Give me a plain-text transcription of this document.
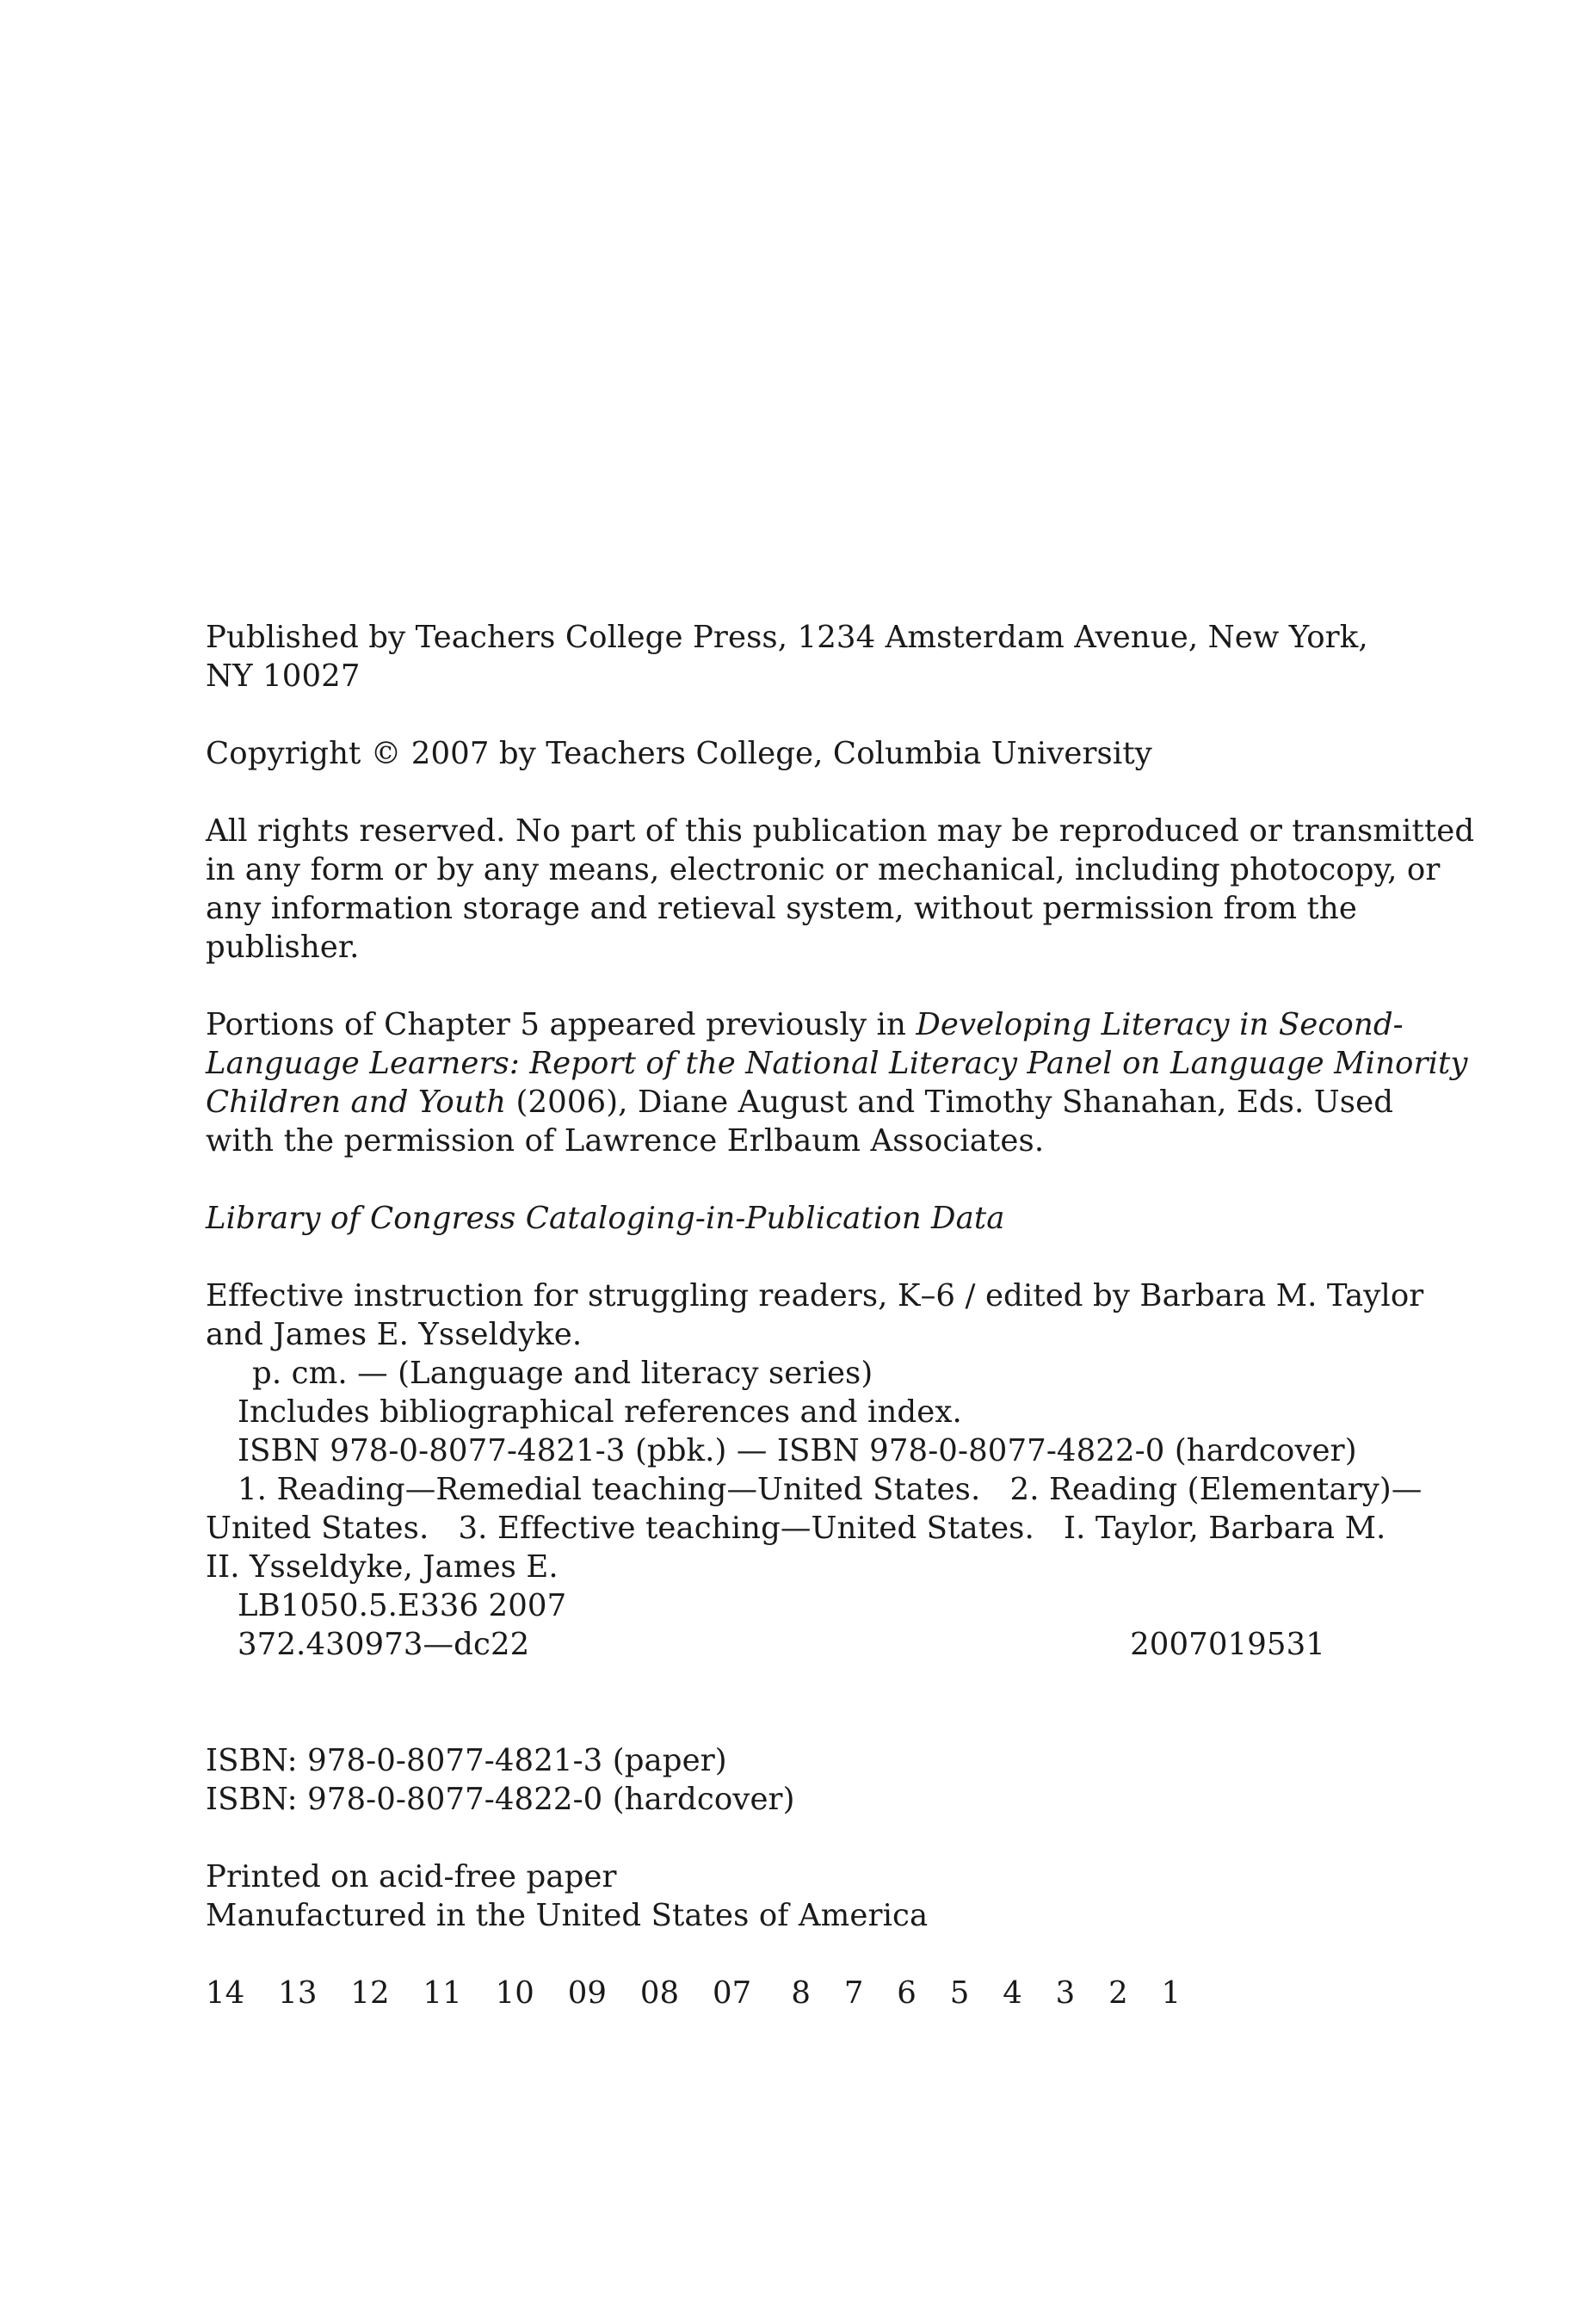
Published by Teachers College Press, 1234 Amsterdam Avenue, New York,

NY 10027

Copyright © 2007 by Teachers College, Columbia University

All rights reserved. No part of this publication may be reproduced or transmitted

in any form or by any means, electronic or mechanical, including photocopy, or

any information storage and retieval system, without permission from the

publisher.

Portions of Chapter 5 appeared previously in Developing Literacy in Second-

Language Learners: Report of the National Literacy Panel on Language Minority

Children and Youth (2006), Diane August and Timothy Shanahan, Eds. Used

with the permission of Lawrence Erlbaum Associates.

Library of Congress Cataloging-in-Publication Data

Effective instruction for struggling readers, K–6 / edited by Barbara M. Taylor

and James E. Ysseldyke.

p. cm. — (Language and literacy series)

Includes bibliographical references and index.

ISBN 978-0-8077-4821-3 (pbk.) — ISBN 978-0-8077-4822-0 (hardcover)

1. Reading—Remedial teaching—United States.   2. Reading (Elementary)—

United States.   3. Effective teaching—United States.   I. Taylor, Barbara M.

II. Ysseldyke, James E.

LB1050.5.E336 2007

372.430973—dc22	2007019531

ISBN: 978-0-8077-4821-3 (paper)

ISBN: 978-0-8077-4822-0 (hardcover)

Printed on acid-free paper

Manufactured in the United States of America

14  13  12  11  10  09  08  07 8  7  6  5  4  3  2  1
